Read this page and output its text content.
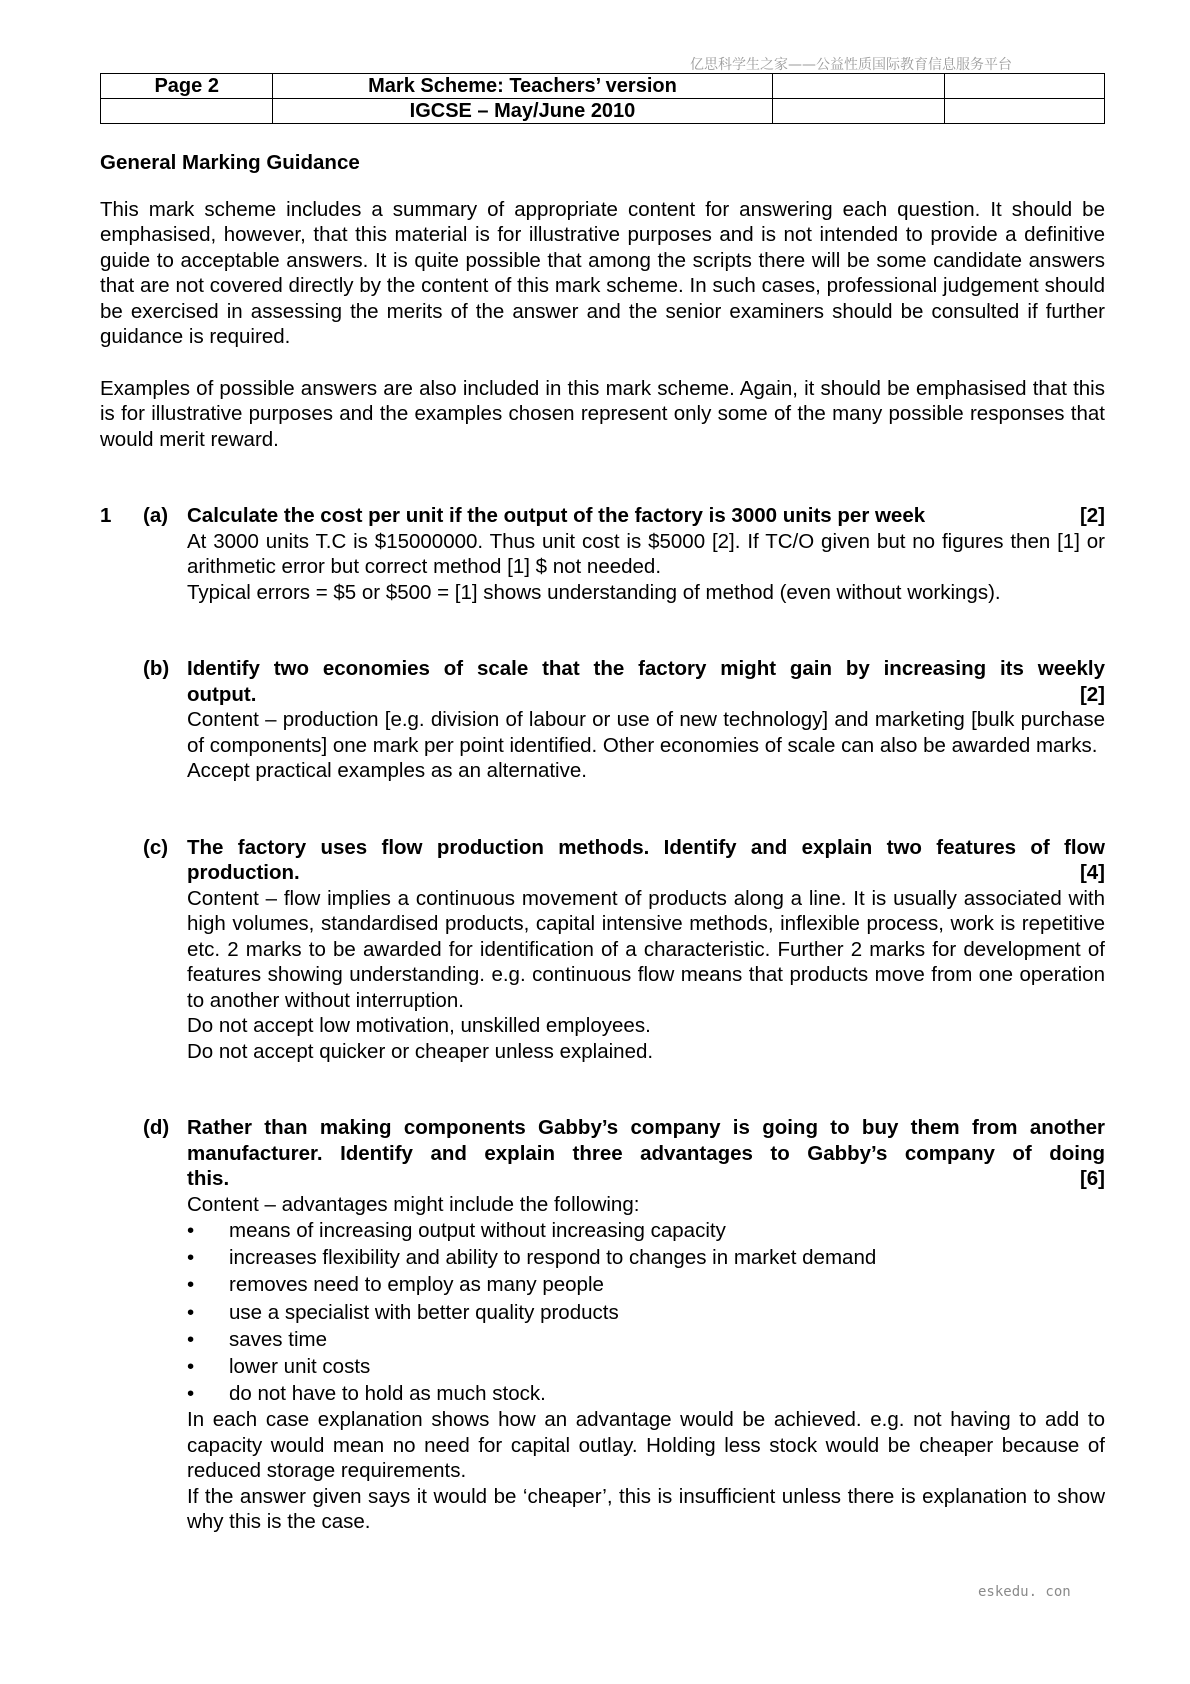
亿思科学生之家——公益性质国际教育信息服务平台
Page 2	Mark Scheme: Teachers’ version		
	IGCSE – May/June 2010		
General Marking Guidance

This mark scheme includes a summary of appropriate content for answering each question. It should be emphasised, however, that this material is for illustrative purposes and is not intended to provide a definitive guide to acceptable answers. It is quite possible that among the scripts there will be some candidate answers that are not covered directly by the content of this mark scheme. In such cases, professional judgement should be exercised in assessing the merits of the answer and the senior examiners should be consulted if further guidance is required.

Examples of possible answers are also included in this mark scheme. Again, it should be emphasised that this is for illustrative purposes and the examples chosen represent only some of the many possible responses that would merit reward.

1 (a) Calculate the cost per unit if the output of the factory is 3000 units per week	[2]
At 3000 units T.C is $15000000. Thus unit cost is $5000 [2]. If TC/O given but no figures then [1] or arithmetic error but correct method [1] $ not needed.
Typical errors = $5 or $500 = [1] shows understanding of method (even without workings).
(b) Identify two economies of scale that the factory might gain by increasing its weekly
output.	[2]
Content – production [e.g. division of labour or use of new technology] and marketing [bulk purchase of components] one mark per point identified. Other economies of scale can also be awarded marks.
Accept practical examples as an alternative.
(c) The factory uses flow production methods. Identify and explain two features of flow
production.	[4]
Content – flow implies a continuous movement of products along a line. It is usually associated with high volumes, standardised products, capital intensive methods, inflexible process, work is repetitive etc. 2 marks to be awarded for identification of a characteristic. Further 2 marks for development of features showing understanding. e.g. continuous flow means that products move from one operation to another without interruption.
Do not accept low motivation, unskilled employees.
Do not accept quicker or cheaper unless explained.
(d) Rather than making components Gabby’s company is going to buy them from another
manufacturer. Identify and explain three advantages to Gabby’s company of doing
this.	[6]
Content – advantages might include the following:
• means of increasing output without increasing capacity
• increases flexibility and ability to respond to changes in market demand
• removes need to employ as many people
• use a specialist with better quality products
• saves time
• lower unit costs
• do not have to hold as much stock.
In each case explanation shows how an advantage would be achieved. e.g. not having to add to capacity would mean no need for capital outlay. Holding less stock would be cheaper because of reduced storage requirements.
If the answer given says it would be ‘cheaper’, this is insufficient unless there is explanation to show why this is the case.
eskedu. con
